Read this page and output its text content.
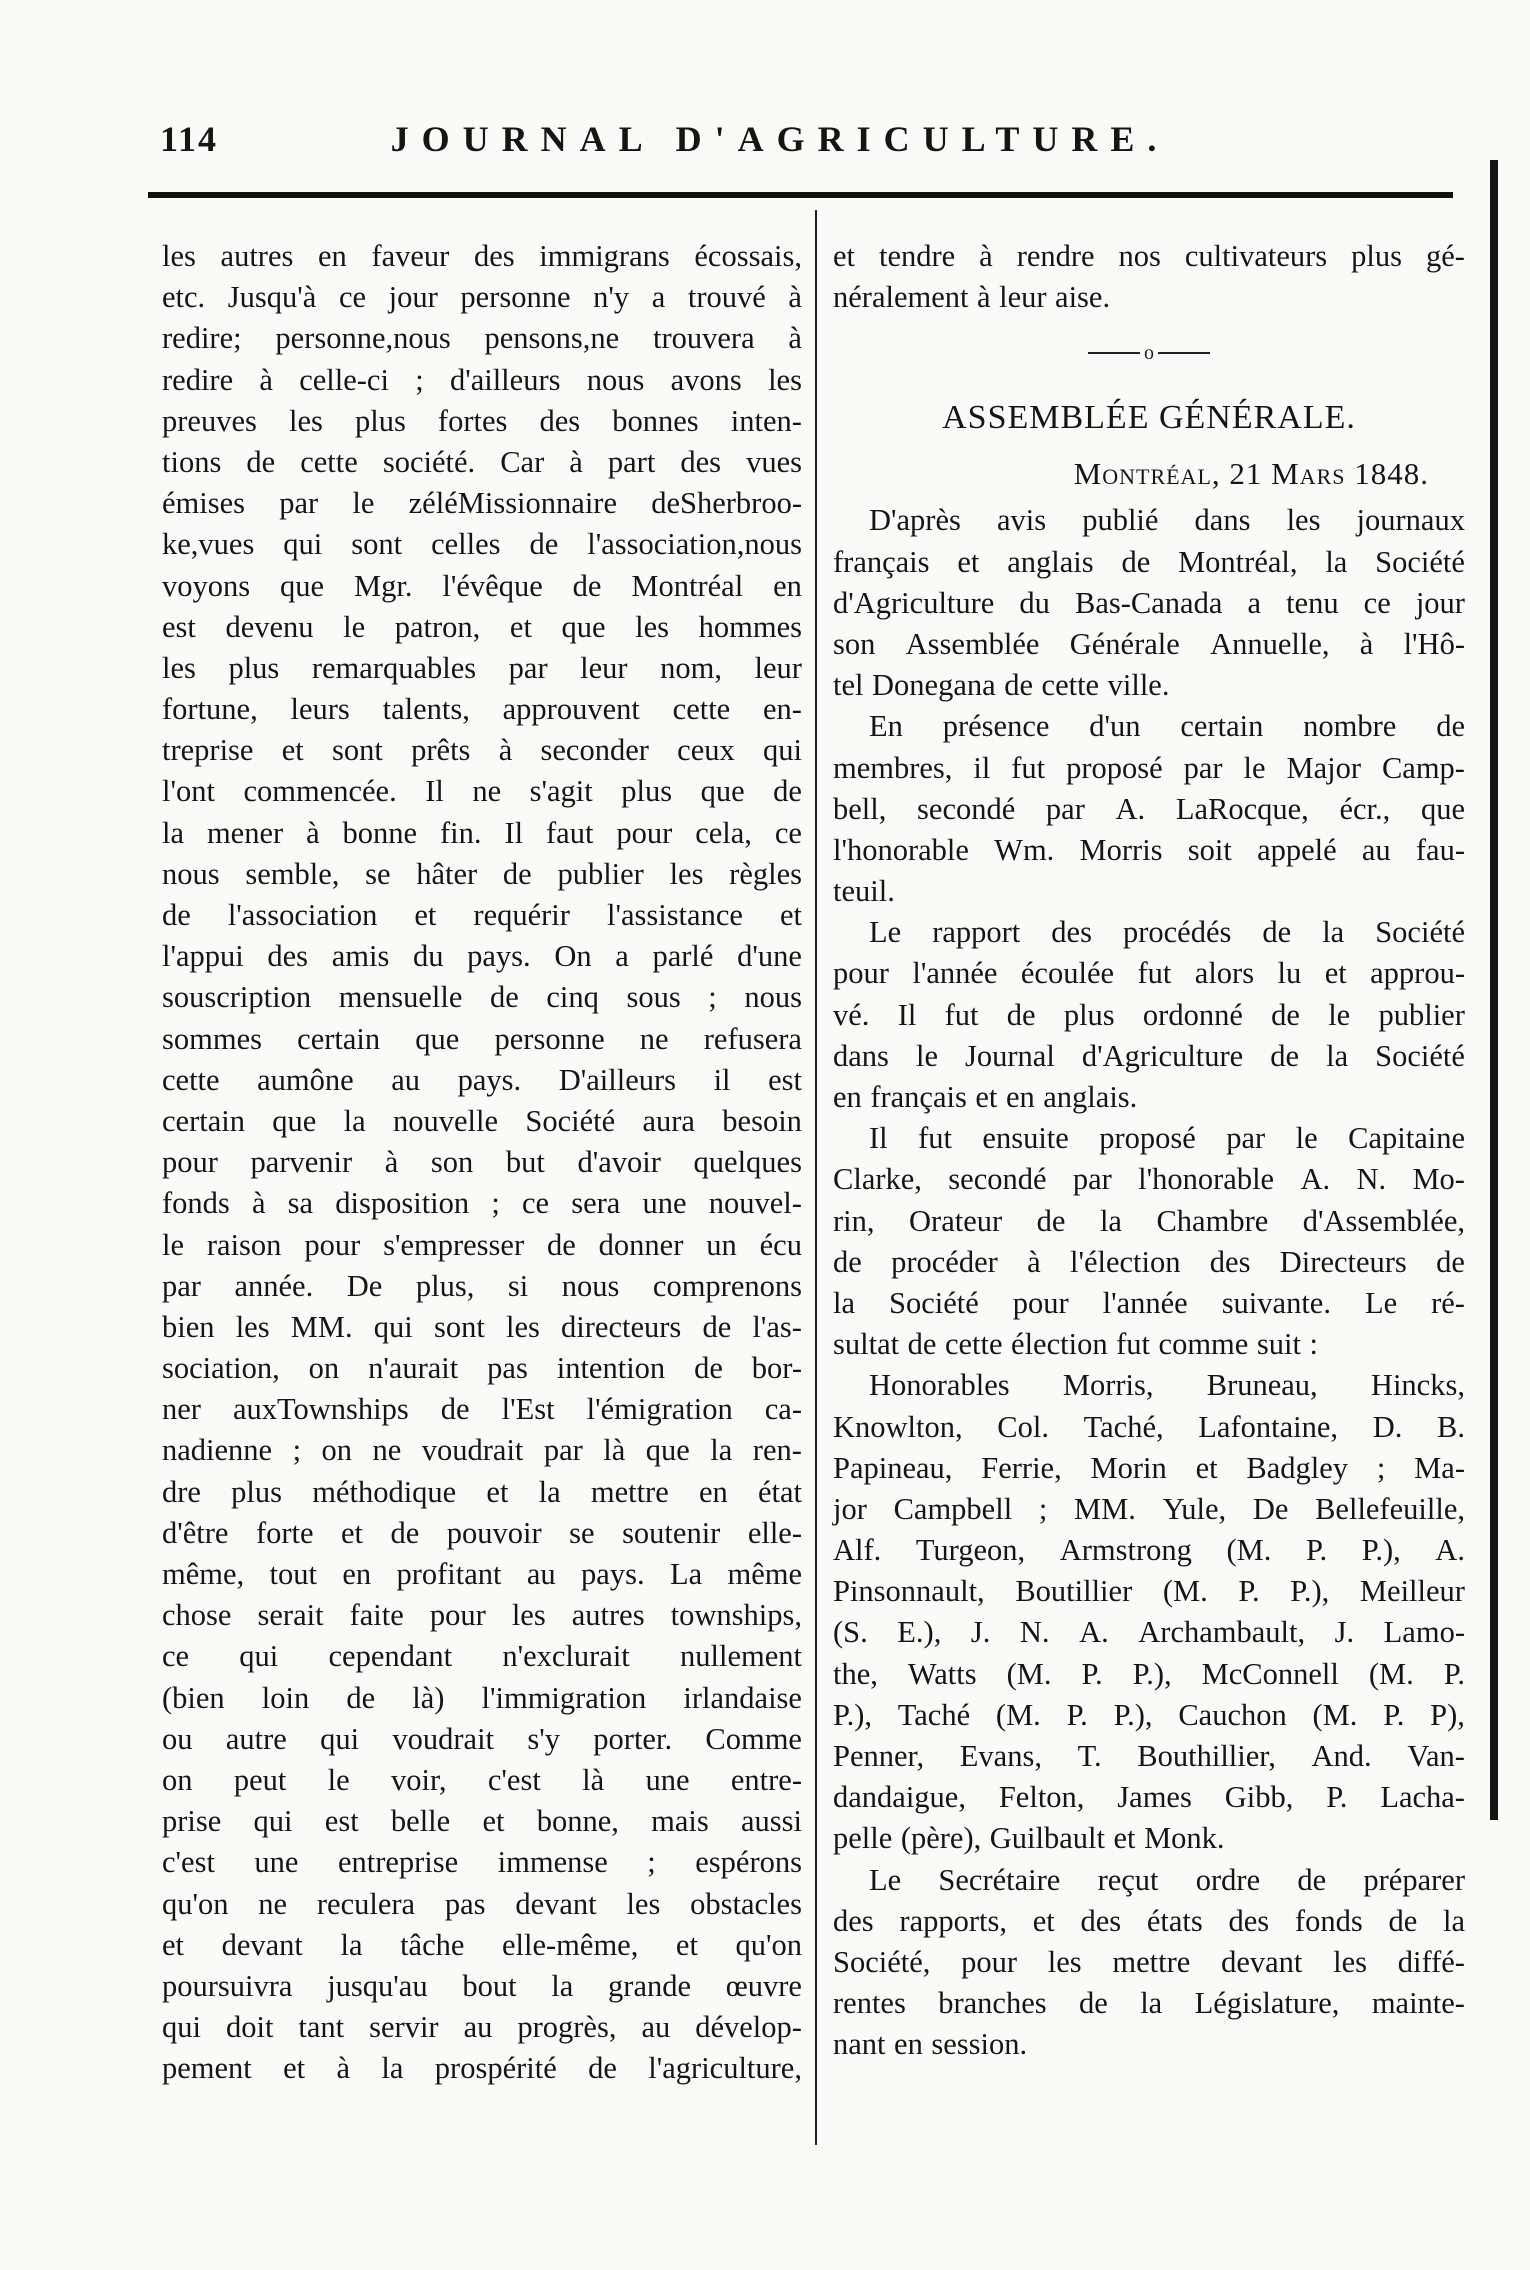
114	JOURNAL D'AGRICULTURE.
les autres en faveur des immigrans écossais,
etc. Jusqu'à ce jour personne n'y a trouvé à
redire; personne,nous pensons,ne trouvera à
redire à celle-ci ; d'ailleurs nous avons les
preuves les plus fortes des bonnes inten-
tions de cette société. Car à part des vues
émises par le zéléMissionnaire deSherbroo-
ke,vues qui sont celles de l'association,nous
voyons que Mgr. l'évêque de Montréal en
est devenu le patron, et que les hommes
les plus remarquables par leur nom, leur
fortune, leurs talents, approuvent cette en-
treprise et sont prêts à seconder ceux qui
l'ont commencée. Il ne s'agit plus que de
la mener à bonne fin. Il faut pour cela, ce
nous semble, se hâter de publier les règles
de l'association et requérir l'assistance et
l'appui des amis du pays. On a parlé d'une
souscription mensuelle de cinq sous ; nous
sommes certain que personne ne refusera
cette aumône au pays. D'ailleurs il est
certain que la nouvelle Société aura besoin
pour parvenir à son but d'avoir quelques
fonds à sa disposition ; ce sera une nouvel-
le raison pour s'empresser de donner un écu
par année. De plus, si nous comprenons
bien les MM. qui sont les directeurs de l'as-
sociation, on n'aurait pas intention de bor-
ner auxTownships de l'Est l'émigration ca-
nadienne ; on ne voudrait par là que la ren-
dre plus méthodique et la mettre en état
d'être forte et de pouvoir se soutenir elle-
même, tout en profitant au pays. La même
chose serait faite pour les autres townships,
ce qui cependant n'exclurait nullement
(bien loin de là) l'immigration irlandaise
ou autre qui voudrait s'y porter. Comme
on peut le voir, c'est là une entre-
prise qui est belle et bonne, mais aussi
c'est une entreprise immense ; espérons
qu'on ne reculera pas devant les obstacles
et devant la tâche elle-même, et qu'on
poursuivra jusqu'au bout la grande œuvre
qui doit tant servir au progrès, au dévelop-
pement et à la prospérité de l'agriculture,
et tendre à rendre nos cultivateurs plus gé-
néralement à leur aise.
o
ASSEMBLÉE GÉNÉRALE.
Montréal, 21 Mars 1848.
D'après avis publié dans les journaux
français et anglais de Montréal, la Société
d'Agriculture du Bas-Canada a tenu ce jour
son Assemblée Générale Annuelle, à l'Hô-
tel Donegana de cette ville.
En présence d'un certain nombre de
membres, il fut proposé par le Major Camp-
bell, secondé par A. LaRocque, écr., que
l'honorable Wm. Morris soit appelé au fau-
teuil.
Le rapport des procédés de la Société
pour l'année écoulée fut alors lu et approu-
vé. Il fut de plus ordonné de le publier
dans le Journal d'Agriculture de la Société
en français et en anglais.
Il fut ensuite proposé par le Capitaine
Clarke, secondé par l'honorable A. N. Mo-
rin, Orateur de la Chambre d'Assemblée,
de procéder à l'élection des Directeurs de
la Société pour l'année suivante. Le ré-
sultat de cette élection fut comme suit :
Honorables Morris, Bruneau, Hincks,
Knowlton, Col. Taché, Lafontaine, D. B.
Papineau, Ferrie, Morin et Badgley ; Ma-
jor Campbell ; MM. Yule, De Bellefeuille,
Alf. Turgeon, Armstrong (M. P. P.), A.
Pinsonnault, Boutillier (M. P. P.), Meilleur
(S. E.), J. N. A. Archambault, J. Lamo-
the, Watts (M. P. P.), McConnell (M. P.
P.), Taché (M. P. P.), Cauchon (M. P. P),
Penner, Evans, T. Bouthillier, And. Van-
dandaigue, Felton, James Gibb, P. Lacha-
pelle (père), Guilbault et Monk.
Le Secrétaire reçut ordre de préparer
des rapports, et des états des fonds de la
Société, pour les mettre devant les diffé-
rentes branches de la Législature, mainte-
nant en session.
